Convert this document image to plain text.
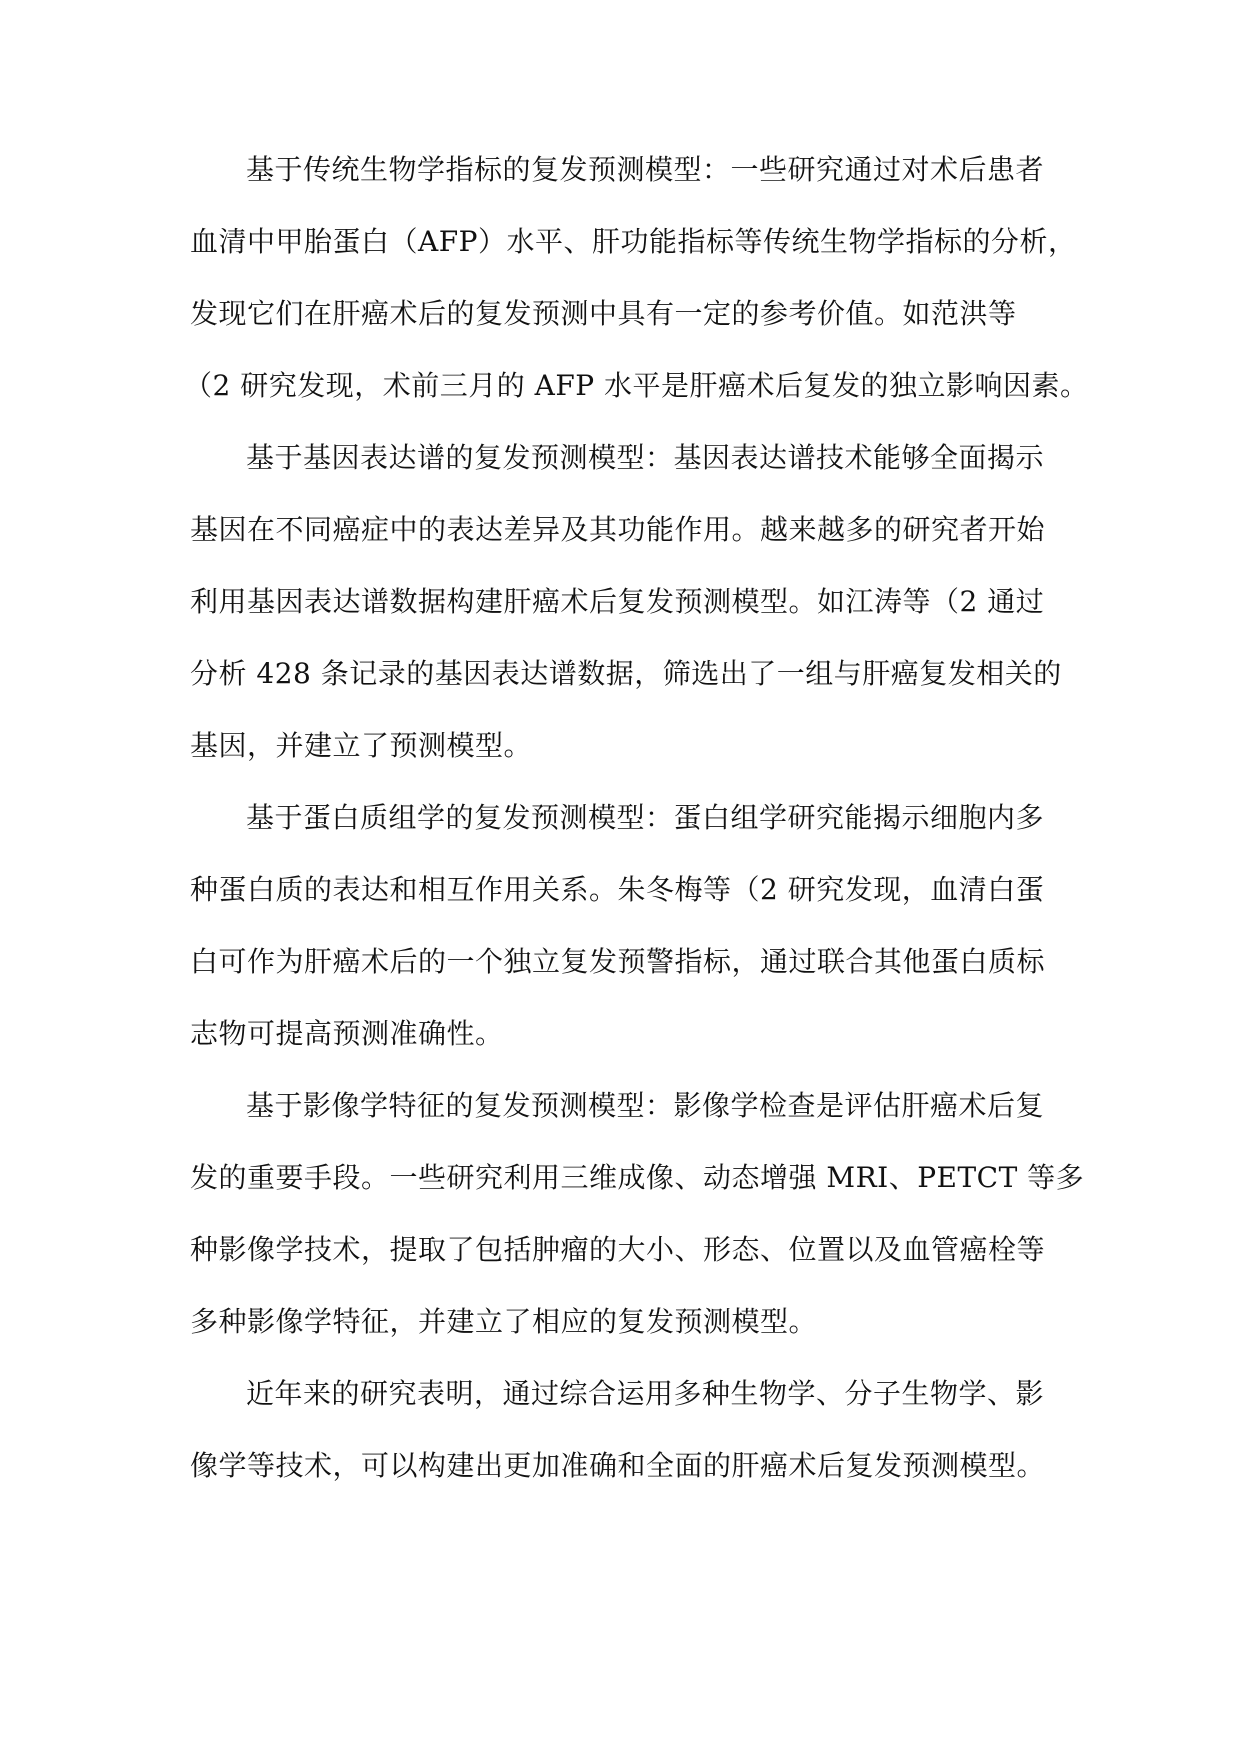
基于传统生物学指标的复发预测模型：一些研究通过对术后患者
血清中甲胎蛋白（AFP）水平、肝功能指标等传统生物学指标的分析，
发现它们在肝癌术后的复发预测中具有一定的参考价值。如范洪等
（2 研究发现，术前三月的 AFP 水平是肝癌术后复发的独立影响因素。
基于基因表达谱的复发预测模型：基因表达谱技术能够全面揭示
基因在不同癌症中的表达差异及其功能作用。越来越多的研究者开始
利用基因表达谱数据构建肝癌术后复发预测模型。如江涛等（2 通过
分析 428 条记录的基因表达谱数据，筛选出了一组与肝癌复发相关的
基因，并建立了预测模型。
基于蛋白质组学的复发预测模型：蛋白组学研究能揭示细胞内多
种蛋白质的表达和相互作用关系。朱冬梅等（2 研究发现，血清白蛋
白可作为肝癌术后的一个独立复发预警指标，通过联合其他蛋白质标
志物可提高预测准确性。
基于影像学特征的复发预测模型：影像学检查是评估肝癌术后复
发的重要手段。一些研究利用三维成像、动态增强 MRI、PETCT 等多
种影像学技术，提取了包括肿瘤的大小、形态、位置以及血管癌栓等
多种影像学特征，并建立了相应的复发预测模型。
近年来的研究表明，通过综合运用多种生物学、分子生物学、影
像学等技术，可以构建出更加准确和全面的肝癌术后复发预测模型。
